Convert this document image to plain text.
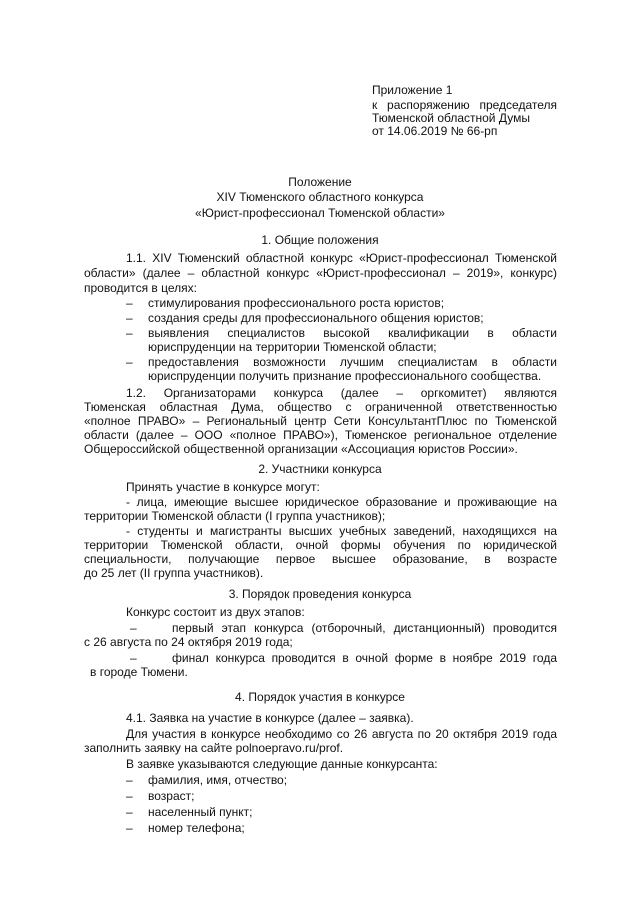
Приложение 1
к распоряжению председателя
Тюменской областной Думы
от 14.06.2019 № 66-рп
Положение
XIV Тюменского областного конкурса
«Юрист-профессионал Тюменской области»
1. Общие положения
1.1. XIV Тюменский областной конкурс «Юрист-профессионал Тюменской
области» (далее – областной конкурс «Юрист-профессионал – 2019», конкурс)
проводится в целях:
– стимулирования профессионального роста юристов;
– создания среды для профессионального общения юристов;
– выявления специалистов высокой квалификации в области
юриспруденции на территории Тюменской области;
– предоставления возможности лучшим специалистам в области
юриспруденции получить признание профессионального сообщества.
1.2. Организаторами конкурса (далее – оргкомитет) являются
Тюменская областная Дума, общество с ограниченной ответственностью
«полное ПРАВО» – Региональный центр Сети КонсультантПлюс по Тюменской
области (далее – ООО «полное ПРАВО»), Тюменское региональное отделение
Общероссийской общественной организации «Ассоциация юристов России».
2. Участники конкурса
Принять участие в конкурсе могут:
- лица, имеющие высшее юридическое образование и проживающие на
территории Тюменской области (I группа участников);
- студенты и магистранты высших учебных заведений, находящихся на
территории Тюменской области, очной формы обучения по юридической
специальности, получающие первое высшее образование, в возрасте
до 25 лет (II группа участников).
3. Порядок проведения конкурса
Конкурс состоит из двух этапов:
–	первый этап конкурса (отборочный, дистанционный) проводится
с 26 августа по 24 октября 2019 года;
–	финал конкурса проводится в очной форме в ноябре 2019 года
в городе Тюмени.
4. Порядок участия в конкурсе
4.1. Заявка на участие в конкурсе (далее – заявка).
Для участия в конкурсе необходимо со 26 августа по 20 октября 2019 года
заполнить заявку на сайте polnoepravo.ru/prof.
В заявке указываются следующие данные конкурсанта:
– фамилия, имя, отчество;
– возраст;
– населенный пункт;
– номер телефона;
